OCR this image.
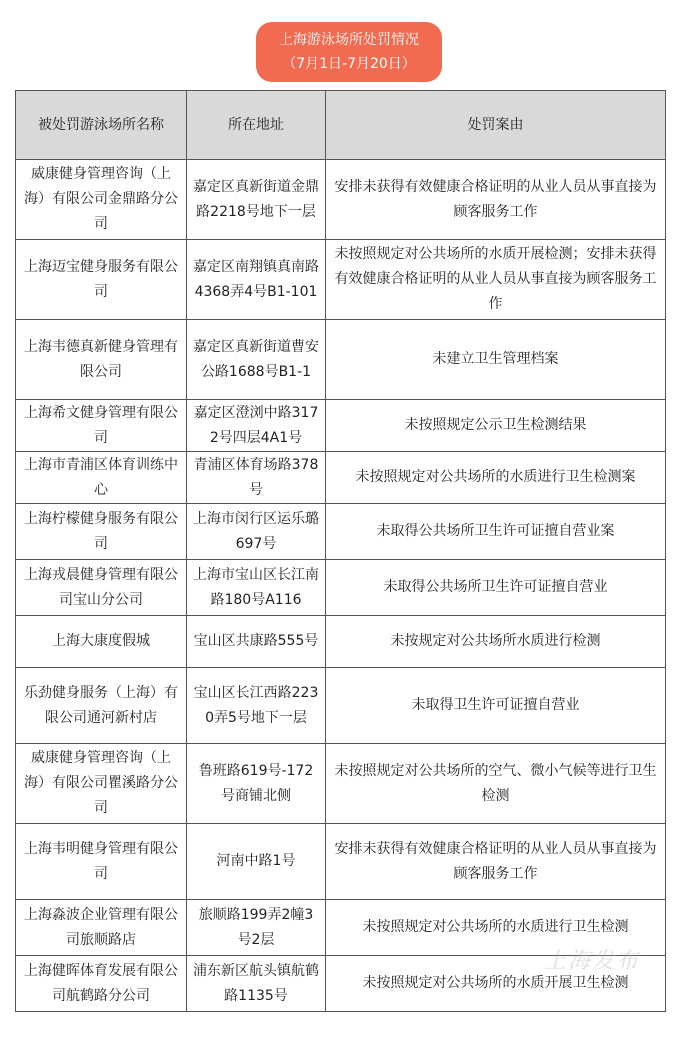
上海游泳场所处罚情况
（7月1日-7月20日）
被处罚游泳场所名称	所在地址	处罚案由
威康健身管理咨询（上海）有限公司金鼎路分公司	嘉定区真新街道金鼎路2218号地下一层	安排未获得有效健康合格证明的从业人员从事直接为顾客服务工作
上海迈宝健身服务有限公司	嘉定区南翔镇真南路4368弄4号B1-101	未按照规定对公共场所的水质开展检测；安排未获得有效健康合格证明的从业人员从事直接为顾客服务工作
上海韦德真新健身管理有限公司	嘉定区真新街道曹安公路1688号B1-1	未建立卫生管理档案
上海希文健身管理有限公司	嘉定区澄浏中路3172号四层4A1号	未按照规定公示卫生检测结果
上海市青浦区体育训练中心	青浦区体育场路378号	未按照规定对公共场所的水质进行卫生检测案
上海柠檬健身服务有限公司	上海市闵行区运乐璐697号	未取得公共场所卫生许可证擅自营业案
上海戎晨健身管理有限公司宝山分公司	上海市宝山区长江南路180号A116	未取得公共场所卫生许可证擅自营业
上海大康度假城	宝山区共康路555号	未按规定对公共场所水质进行检测
乐劲健身服务（上海）有限公司通河新村店	宝山区长江西路2230弄5号地下一层	未取得卫生许可证擅自营业
威康健身管理咨询（上海）有限公司瞿溪路分公司	鲁班路619号-172号商铺北侧	未按照规定对公共场所的空气、微小气候等进行卫生检测
上海韦明健身管理有限公司	河南中路1号	安排未获得有效健康合格证明的从业人员从事直接为顾客服务工作
上海淼波企业管理有限公司旅顺路店	旅顺路199弄2幢3号2层	未按照规定对公共场所的水质进行卫生检测
上海健晖体育发展有限公司航鹤路分公司	浦东新区航头镇航鹤路1135号	未按照规定对公共场所的水质开展卫生检测
上海发布
